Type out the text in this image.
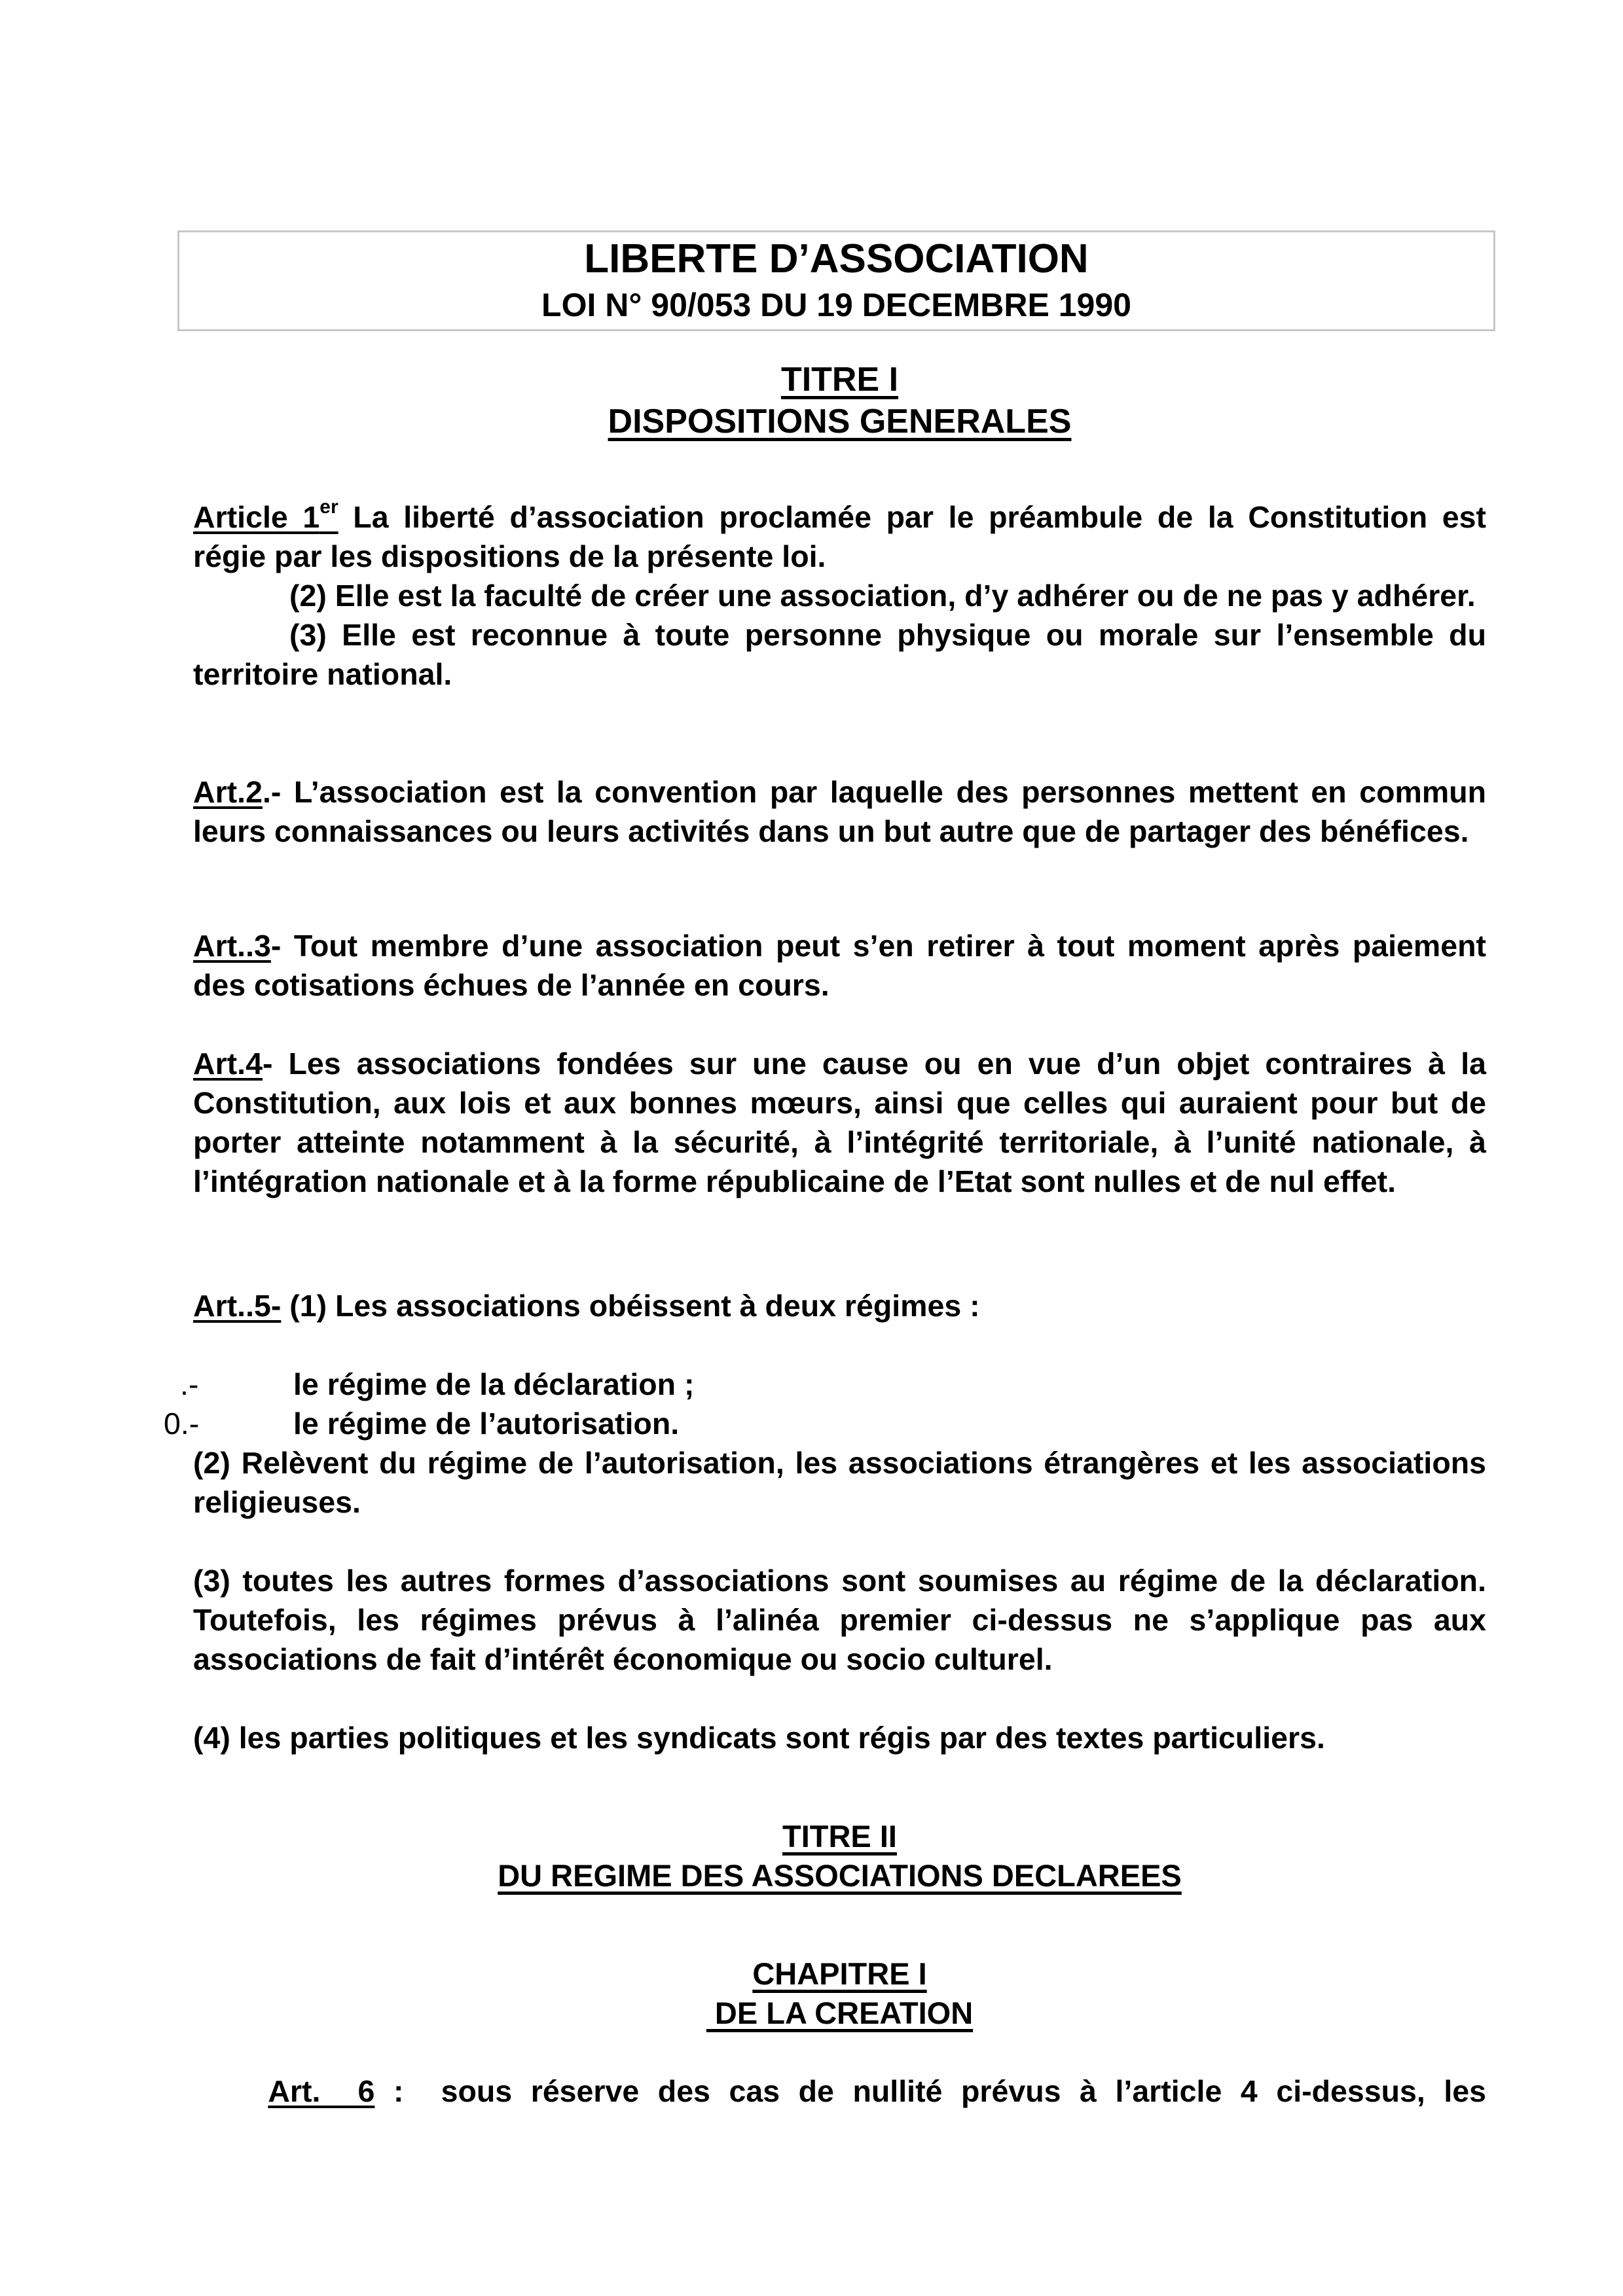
LIBERTE D’ASSOCIATION
LOI N° 90/053 DU 19 DECEMBRE 1990
TITRE I
DISPOSITIONS GENERALES
Article 1er La liberté d’association proclamée par le préambule de la Constitution est régie par les dispositions de la présente loi.
(2) Elle est la faculté de créer une association, d’y adhérer ou de ne pas y adhérer.
(3) Elle est reconnue à toute personne physique ou morale sur l’ensemble du territoire national.
Art.2.- L’association est la convention par laquelle des personnes mettent en commun leurs connaissances ou leurs activités dans un but autre que de partager des bénéfices.
Art..3- Tout membre d’une association peut s’en retirer à tout moment après paiement des cotisations échues de l’année en cours.
Art.4- Les associations fondées sur une cause ou en vue d’un objet contraires à la Constitution, aux lois et aux bonnes mœurs, ainsi que celles qui auraient pour but de porter atteinte notamment à la sécurité, à l’intégrité territoriale, à l’unité nationale, à l’intégration nationale et à la forme républicaine de l’Etat sont nulles et de nul effet.
Art..5- (1) Les associations obéissent à deux régimes :
.-	le régime de la déclaration ;
0.-	le régime de l’autorisation.
(2) Relèvent du régime de l’autorisation, les associations étrangères et les associations religieuses.
(3) toutes les autres formes d’associations sont soumises au régime de la déclaration. Toutefois, les régimes prévus à l’alinéa premier ci-dessus ne s’applique pas aux associations de fait d’intérêt économique ou socio culturel.
(4) les parties politiques et les syndicats sont régis par des textes particuliers.
TITRE II
DU REGIME DES ASSOCIATIONS DECLAREES
CHAPITRE I
DE LA CREATION

Art.  6 :  sous réserve des cas de nullité prévus à l’article 4 ci-dessus, les
